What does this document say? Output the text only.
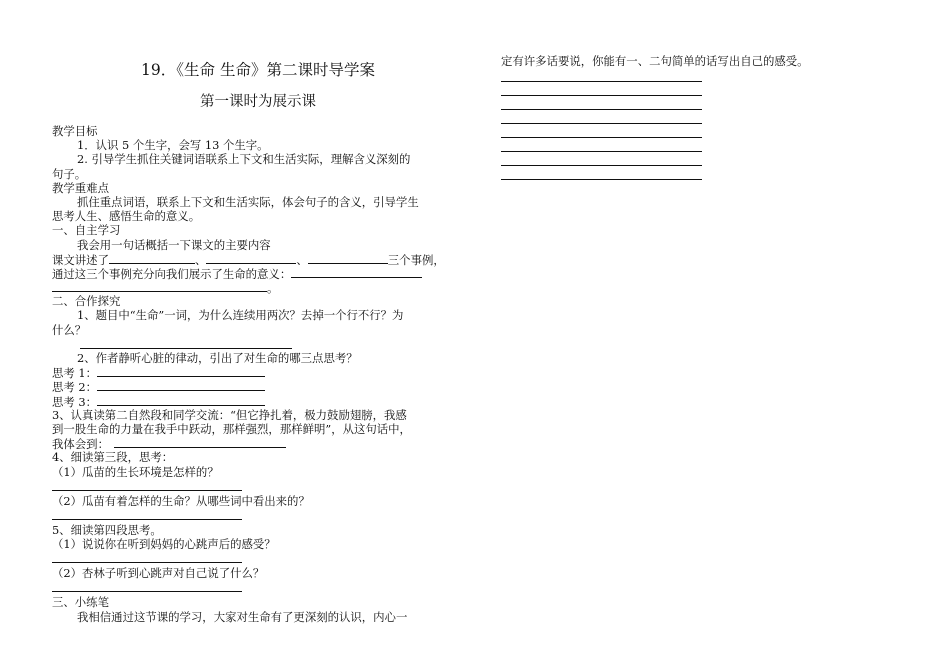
19．《生命 生命》第二课时导学案
第一课时为展示课
教学目标
1．认识 5 个生字，会写 13 个生字。
2. 引导学生抓住关键词语联系上下文和生活实际，理解含义深刻的
句子。
教学重难点
抓住重点词语，联系上下文和生活实际，体会句子的含义，引导学生
思考人生、感悟生命的意义。
一、自主学习
我会用一句话概括一下课文的主要内容
课文讲述了	、	、	三个事例，
通过这三个事例充分向我们展示了生命的意义：
。
二、合作探究
1、题目中“生命”一词，为什么连续用两次？去掉一个行不行？为
什么？
2、作者静听心脏的律动，引出了对生命的哪三点思考？
思考 1：
思考 2：
思考 3：
3、认真读第二自然段和同学交流：“但它挣扎着，极力鼓励翅膀，我感
到一股生命的力量在我手中跃动，那样强烈，那样鲜明”，从这句话中，
我体会到：
4、细读第三段，思考：
（1）瓜苗的生长环境是怎样的？
（2）瓜苗有着怎样的生命？从哪些词中看出来的？
5、细读第四段思考。
（1）说说你在听到妈妈的心跳声后的感受？
（2）杏林子听到心跳声对自己说了什么？
三、小练笔
我相信通过这节课的学习，大家对生命有了更深刻的认识，内心一
定有许多话要说，你能有一、二句简单的话写出自己的感受。
